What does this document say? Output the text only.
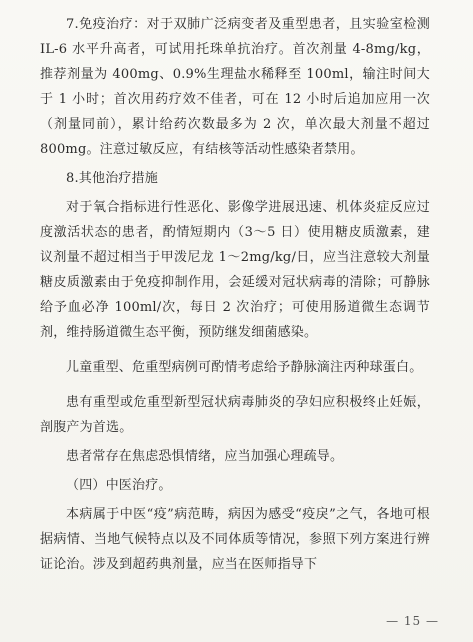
7.免疫治疗：对于双肺广泛病变者及重型患者，且实验室检测 IL-6 水平升高者，可试用托珠单抗治疗。首次剂量 4-8mg/kg，推荐剂量为 400mg、0.9%生理盐水稀释至 100ml，输注时间大于 1 小时；首次用药疗效不佳者，可在 12 小时后追加应用一次（剂量同前），累计给药次数最多为 2 次，单次最大剂量不超过 800mg。注意过敏反应，有结核等活动性感染者禁用。

8.其他治疗措施

对于氧合指标进行性恶化、影像学进展迅速、机体炎症反应过度激活状态的患者，酌情短期内（3～5 日）使用糖皮质激素，建议剂量不超过相当于甲泼尼龙 1～2mg/kg/日，应当注意较大剂量糖皮质激素由于免疫抑制作用，会延缓对冠状病毒的清除；可静脉给予血必净 100ml/次，每日 2 次治疗；可使用肠道微生态调节剂，维持肠道微生态平衡，预防继发细菌感染。

儿童重型、危重型病例可酌情考虑给予静脉滴注丙种球蛋白。

患有重型或危重型新型冠状病毒肺炎的孕妇应积极终止妊娠，剖腹产为首选。

患者常存在焦虑恐惧情绪，应当加强心理疏导。

（四）中医治疗。

本病属于中医“疫”病范畴，病因为感受“疫戾”之气，各地可根据病情、当地气候特点以及不同体质等情况，参照下列方案进行辨证论治。涉及到超药典剂量，应当在医师指导下

— 15 —
